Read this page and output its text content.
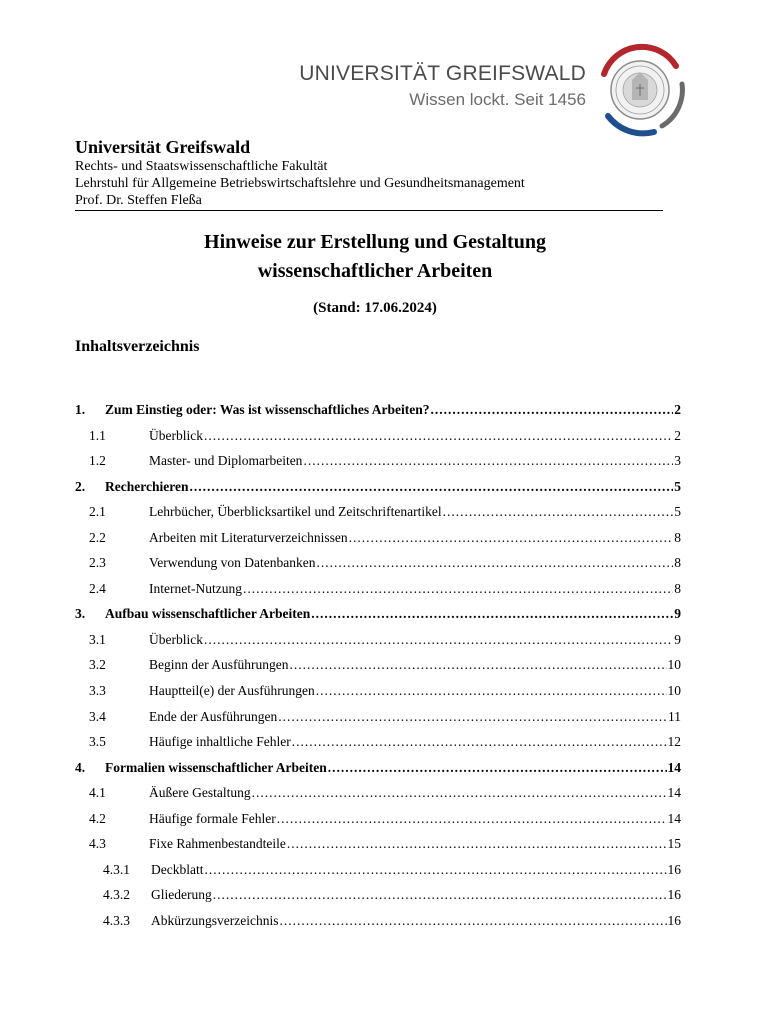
UNIVERSITÄT GREIFSWALD
Wissen lockt. Seit 1456
Universität Greifswald
Rechts- und Staatswissenschaftliche Fakultät
Lehrstuhl für Allgemeine Betriebswirtschaftslehre und Gesundheitsmanagement
Prof. Dr. Steffen Fleßa
Hinweise zur Erstellung und Gestaltung
wissenschaftlicher Arbeiten
(Stand: 17.06.2024)
Inhaltsverzeichnis
1.	Zum Einstieg oder: Was ist wissenschaftliches Arbeiten? .....	2
1.1	Überblick .....	2
1.2	Master- und Diplomarbeiten .....	3
2.	Recherchieren .....	5
2.1	Lehrbücher, Überblicksartikel und Zeitschriftenartikel .....	5
2.2	Arbeiten mit Literaturverzeichnissen .....	8
2.3	Verwendung von Datenbanken .....	8
2.4	Internet-Nutzung .....	8
3.	Aufbau wissenschaftlicher Arbeiten .....	9
3.1	Überblick .....	9
3.2	Beginn der Ausführungen .....	10
3.3	Hauptteil(e) der Ausführungen .....	10
3.4	Ende der Ausführungen .....	11
3.5	Häufige inhaltliche Fehler .....	12
4.	Formalien wissenschaftlicher Arbeiten .....	14
4.1	Äußere Gestaltung .....	14
4.2	Häufige formale Fehler .....	14
4.3	Fixe Rahmenbestandteile .....	15
4.3.1	Deckblatt .....	16
4.3.2	Gliederung .....	16
4.3.3	Abkürzungsverzeichnis .....	16
